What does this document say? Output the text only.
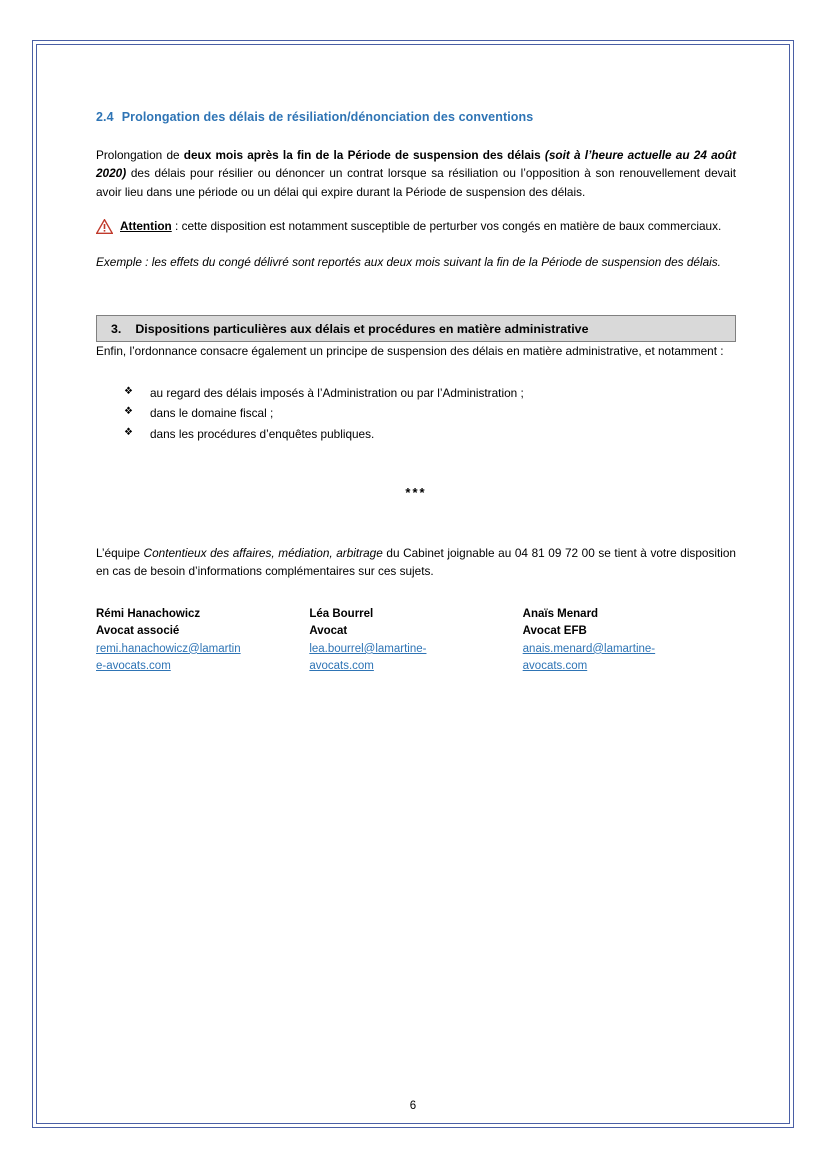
2.4 Prolongation des délais de résiliation/dénonciation des conventions

Prolongation de deux mois après la fin de la Période de suspension des délais (soit à l’heure actuelle au 24 août 2020) des délais pour résilier ou dénoncer un contrat lorsque sa résiliation ou l’opposition à son renouvellement devait avoir lieu dans une période ou un délai qui expire durant la Période de suspension des délais.

Attention : cette disposition est notamment susceptible de perturber vos congés en matière de baux commerciaux.

Exemple : les effets du congé délivré sont reportés aux deux mois suivant la fin de la Période de suspension des délais.

3. Dispositions particulières aux délais et procédures en matière administrative

Enfin, l’ordonnance consacre également un principe de suspension des délais en matière administrative, et notamment :

❖ au regard des délais imposés à l’Administration ou par l’Administration ;
❖ dans le domaine fiscal ;
❖ dans les procédures d’enquêtes publiques.
***

L’équipe Contentieux des affaires, médiation, arbitrage du Cabinet joignable au 04 81 09 72 00 se tient à votre disposition en cas de besoin d’informations complémentaires sur ces sujets.

Rémi Hanachowicz
Avocat associé
remi.hanachowicz@lamartine-avocats.com
Léa Bourrel
Avocat
lea.bourrel@lamartine-avocats.com
Anaïs Menard
Avocat EFB
anais.menard@lamartine-avocats.com
6
